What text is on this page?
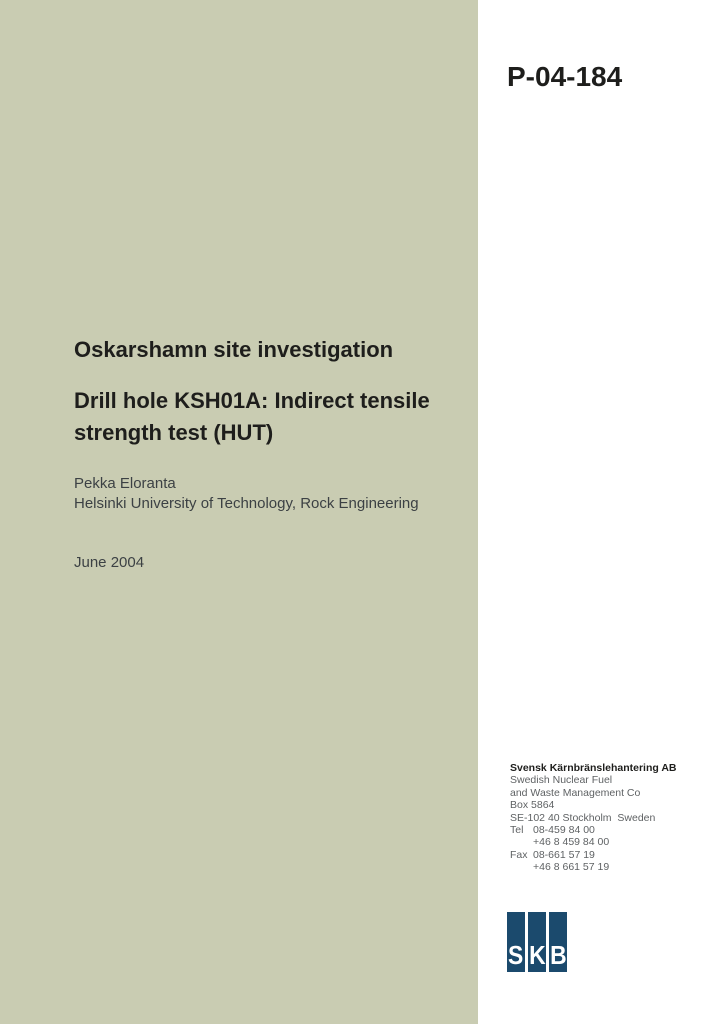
P-04-184
Oskarshamn site investigation
Drill hole KSH01A: Indirect tensile strength test (HUT)
Pekka Eloranta
Helsinki University of Technology, Rock Engineering
June 2004
Svensk Kärnbränslehantering AB
Swedish Nuclear Fuel
and Waste Management Co
Box 5864
SE-102 40 Stockholm  Sweden
Tel 08-459 84 00
+46 8 459 84 00
Fax 08-661 57 19
+46 8 661 57 19
S K B
